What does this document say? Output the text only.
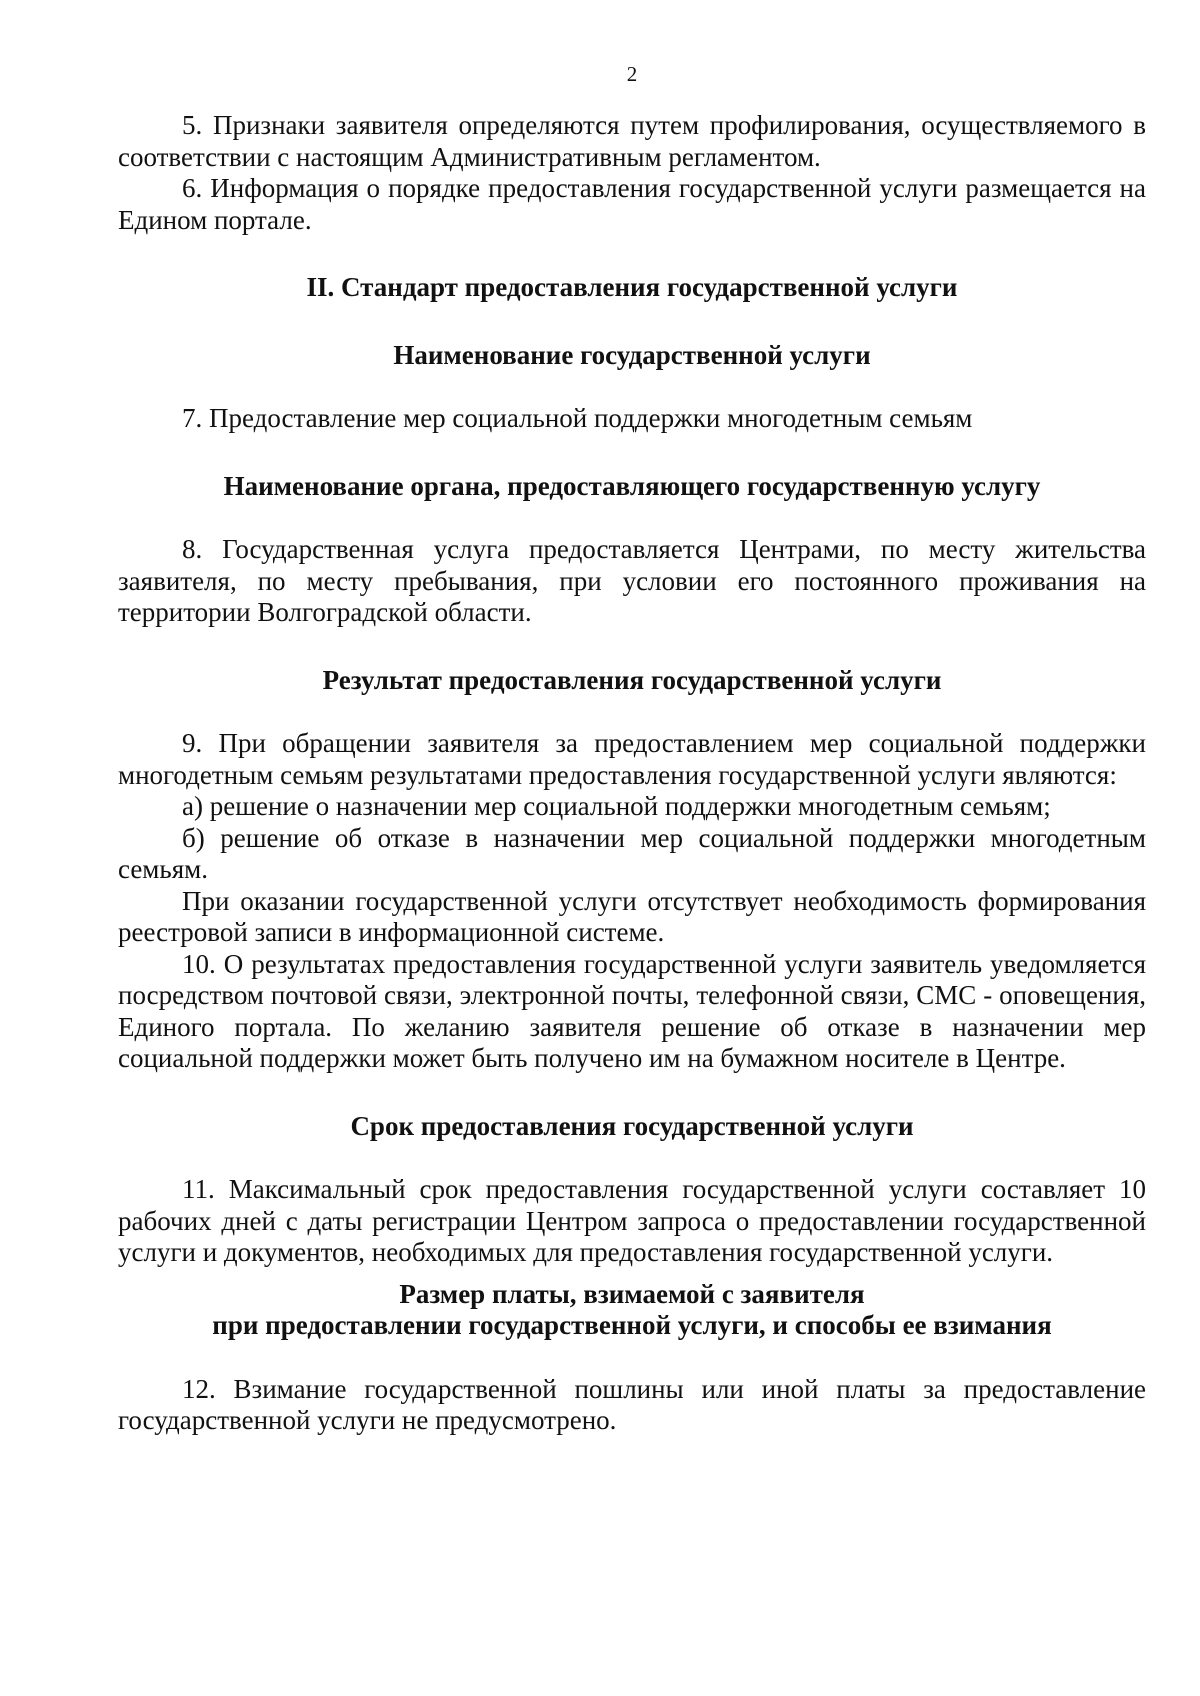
2

5. Признаки заявителя определяются путем профилирования, осуществляемого в соответствии с настоящим Административным регламентом.

6. Информация о порядке предоставления государственной услуги размещается на Едином портале.

II. Стандарт предоставления государственной услуги
Наименование государственной услуги

7. Предоставление мер социальной поддержки многодетным семьям

Наименование органа, предоставляющего государственную услугу

8. Государственная услуга предоставляется Центрами, по месту жительства заявителя, по месту пребывания, при условии его постоянного проживания на территории Волгоградской области.

Результат предоставления государственной услуги

9. При обращении заявителя за предоставлением мер социальной поддержки многодетным семьям результатами предоставления государственной услуги являются:

а) решение о назначении мер социальной поддержки многодетным семьям;

б) решение об отказе в назначении мер социальной поддержки многодетным семьям.

При оказании государственной услуги отсутствует необходимость формирования реестровой записи в информационной системе.

10. О результатах предоставления государственной услуги заявитель уведомляется посредством почтовой связи, электронной почты, телефонной связи, СМС - оповещения, Единого портала. По желанию заявителя решение об отказе в назначении мер социальной поддержки может быть получено им на бумажном носителе в Центре.

Срок предоставления государственной услуги

11. Максимальный срок предоставления государственной услуги составляет 10 рабочих дней с даты регистрации Центром запроса о предоставлении государственной услуги и документов, необходимых для предоставления государственной услуги.

Размер платы, взимаемой с заявителя
при предоставлении государственной услуги, и способы ее взимания

12. Взимание государственной пошлины или иной платы за предоставление государственной услуги не предусмотрено.
